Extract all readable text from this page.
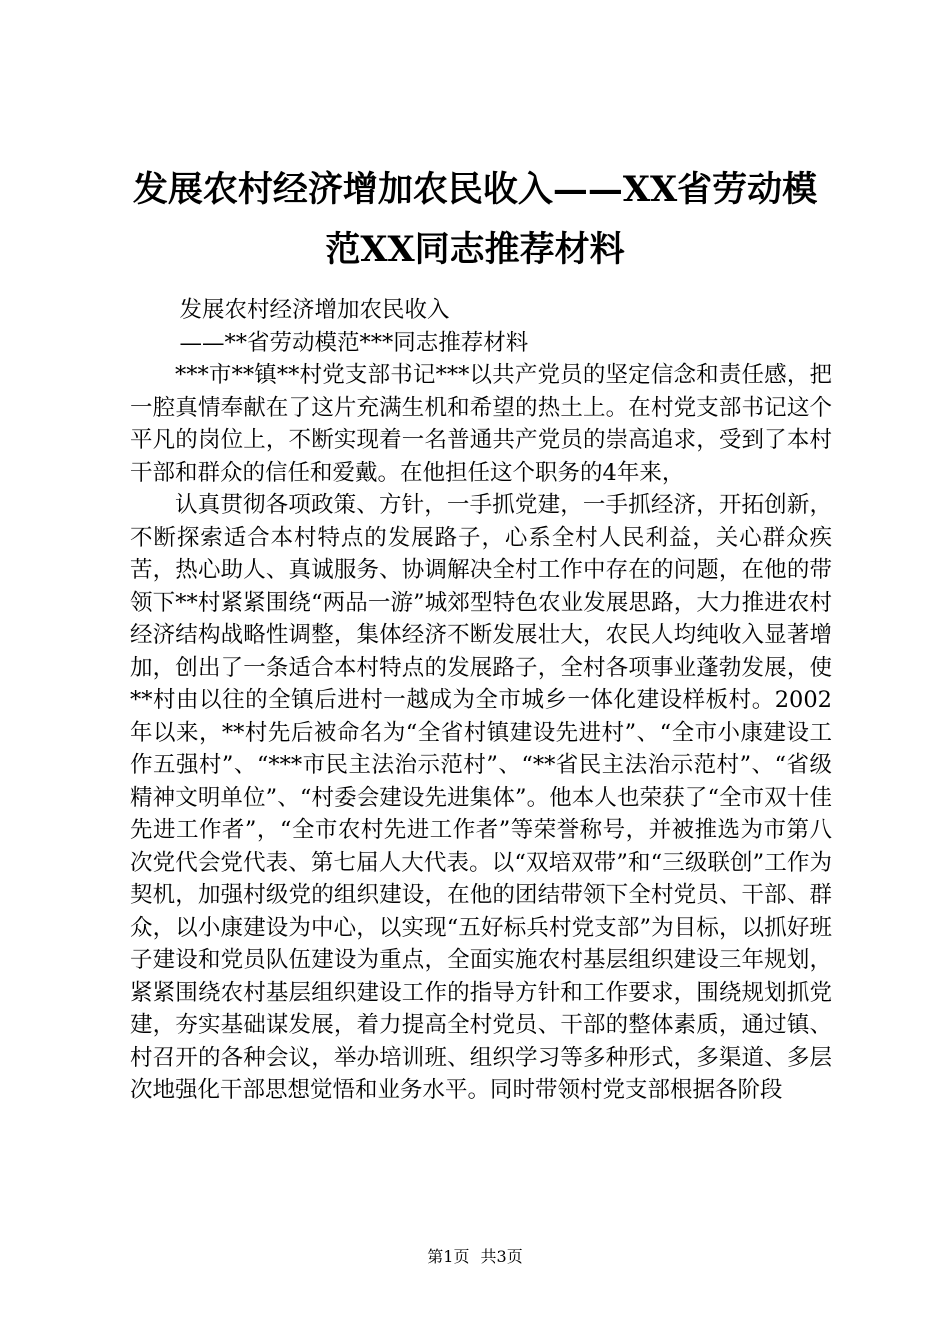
发展农村经济增加农民收入——XX省劳动模
范XX同志推荐材料

发展农村经济增加农民收入

——**省劳动模范***同志推荐材料

***市**镇**村党支部书记***以共产党员的坚定信念和责任感，把一腔真情奉献在了这片充满生机和希望的热土上。在村党支部书记这个平凡的岗位上，不断实现着一名普通共产党员的崇高追求，受到了本村干部和群众的信任和爱戴。在他担任这个职务的4年来，

认真贯彻各项政策、方针，一手抓党建，一手抓经济，开拓创新，不断探索适合本村特点的发展路子，心系全村人民利益，关心群众疾苦，热心助人、真诚服务、协调解决全村工作中存在的问题，在他的带领下**村紧紧围绕“两品一游”城郊型特色农业发展思路，大力推进农村经济结构战略性调整，集体经济不断发展壮大，农民人均纯收入显著增加，创出了一条适合本村特点的发展路子，全村各项事业蓬勃发展，使**村由以往的全镇后进村一越成为全市城乡一体化建设样板村。2002年以来，**村先后被命名为“全省村镇建设先进村”、“全市小康建设工作五强村”、“***市民主法治示范村”、“**省民主法治示范村”、“省级精神文明单位”、“村委会建设先进集体”。他本人也荣获了“全市双十佳先进工作者”，“全市农村先进工作者”等荣誉称号，并被推选为市第八次党代会党代表、第七届人大代表。以“双培双带”和“三级联创”工作为契机，加强村级党的组织建设，在他的团结带领下全村党员、干部、群众，以小康建设为中心，以实现“五好标兵村党支部”为目标，以抓好班子建设和党员队伍建设为重点，全面实施农村基层组织建设三年规划，紧紧围绕农村基层组织建设工作的指导方针和工作要求，围绕规划抓党建，夯实基础谋发展，着力提高全村党员、干部的整体素质，通过镇、村召开的各种会议，举办培训班、组织学习等多种形式，多渠道、多层次地强化干部思想觉悟和业务水平。同时带领村党支部根据各阶段

第1页 共3页
